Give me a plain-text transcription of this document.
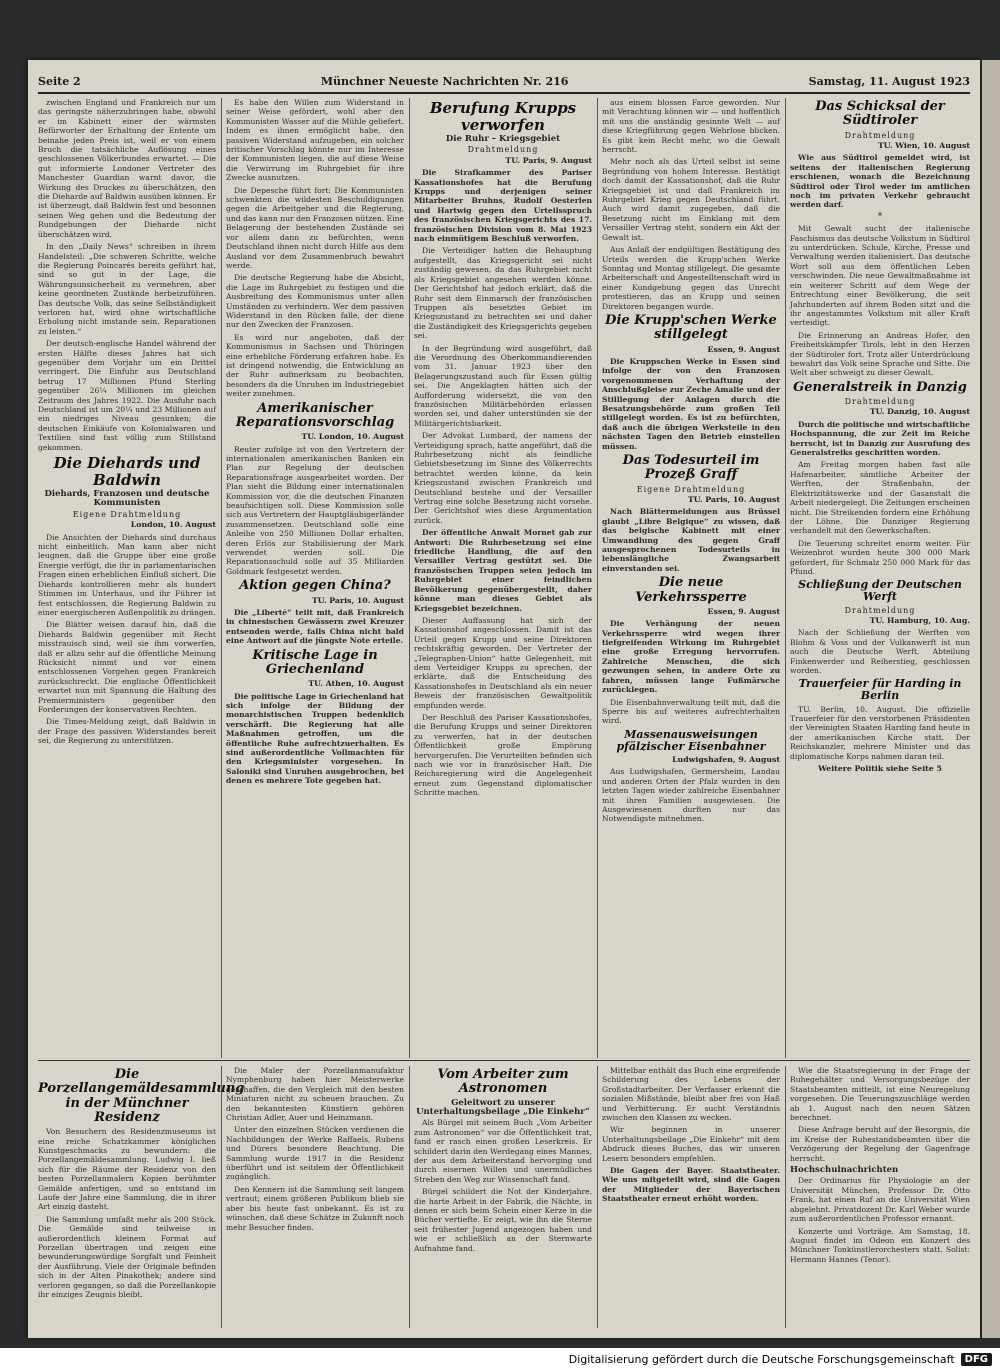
Seite 2	Münchner Neueste Nachrichten Nr. 216	Samstag, 11. August 1923

zwischen England und Frankreich nur um das geringste näherzubringen habe, obwohl er im Kabinett einer der wärmsten Befürworter der Erhaltung der Entente um beinahe jeden Preis ist, weil er von einem Bruch die tatsächliche Auflösung eines geschlossenen Völkerbundes erwartet. — Die gut informierte Londoner Vertreter des Manchester Guardian warnt davor, die Wirkung des Druckes zu überschätzen, den die Dieharde auf Baldwin ausüben können. Er ist überzeugt, daß Baldwin fest und besonnen seinen Weg gehen und die Bedeutung der Rundgebungen der Dieharde nicht überschätzen wird.

In den „Daily News“ schreiben in ihrem Handelsteil: „Die schweren Schritte, welche die Regierung Poincarés bereits geführt hat, sind so gut in der Lage, die Währungsunsicherheit zu vermehren, aber keine geordneten Zustände herbeizuführen. Das deutsche Volk, das seine Selbständigkeit verloren hat, wird ohne wirtschaftliche Erholung nicht imstande sein, Reparationen zu leisten.“

Der deutsch-englische Handel während der ersten Hälfte dieses Jahres hat sich gegenüber dem Vorjahr um ein Drittel verringert. Die Einfuhr aus Deutschland betrug 17 Millionen Pfund Sterling gegenüber 26¼ Millionen im gleichen Zeitraum des Jahres 1922. Die Ausfuhr nach Deutschland ist um 20¼ und 23 Millionen auf ein niedriges Niveau gesunken; die deutschen Einkäufe von Kolonialwaren und Textilien sind fast völlig zum Stillstand gekommen.

Die Diehards und Baldwin
Diehards, Franzosen und deutsche Kommunisten
Eigene Drahtmeldung
London, 10. August

Die Ansichten der Diehards sind durchaus nicht einheitlich. Man kann aber nicht leugnen, daß die Gruppe über eine große Energie verfügt, die ihr in parlamentarischen Fragen einen erheblichen Einfluß sichert. Die Diehards kontrollieren mehr als hundert Stimmen im Unterhaus, und ihr Führer ist fest entschlossen, die Regierung Baldwin zu einer energischeren Außenpolitik zu drängen.

Die Blätter weisen darauf hin, daß die Diehards Baldwin gegenüber mit Recht misstrauisch sind, weil sie ihm vorwerfen, daß er allzu sehr auf die öffentliche Meinung Rücksicht nimmt und vor einem entschlossenen Vorgehen gegen Frankreich zurückschreckt. Die englische Öffentlichkeit erwartet nun mit Spannung die Haltung des Premierministers gegenüber den Forderungen der konservativen Rechten.

Die Times-Meldung zeigt, daß Baldwin in der Frage des passiven Widerstandes bereit sei, die Regierung zu unterstützen.

Es habe den Willen zum Widerstand in seiner Weise gefördert, wohl aber den Kommunisten Wasser auf die Mühle geliefert. Indem es ihnen ermöglicht habe, den passiven Widerstand aufzugeben, ein solcher britischer Vorschlag könnte nur im Interesse der Kommunisten liegen, die auf diese Weise die Verwirrung im Ruhrgebiet für ihre Zwecke ausnutzen.

Die Depesche führt fort: Die Kommunisten schwenkten die wildesten Beschuldigungen gegen die Arbeitgeber und die Regierung, und das kann nur den Franzosen nützen. Eine Belagerung der bestehenden Zustände sei vor allem dann zu befürchten, wenn Deutschland ihnen nicht durch Hilfe aus dem Ausland vor dem Zusammenbruch bewahrt werde.

Die deutsche Regierung habe die Absicht, die Lage im Ruhrgebiet zu festigen und die Ausbreitung des Kommunismus unter allen Umständen zu verhindern. Wer dem passiven Widerstand in den Rücken falle, der diene nur den Zwecken der Franzosen.

Es wird nur angeboten, daß der Kommunismus in Sachsen und Thüringen eine erhebliche Förderung erfahren habe. Es ist dringend notwendig, die Entwicklung an der Ruhr aufmerksam zu beobachten, besonders da die Unruhen im Industriegebiet weiter zunehmen.

Amerikanischer Reparationsvorschlag
TU. London, 10. August

Reuter zufolge ist von den Vertretern der internationalen amerikanischen Banken ein Plan zur Regelung der deutschen Reparationsfrage ausgearbeitet worden. Der Plan sieht die Bildung einer internationalen Kommission vor, die die deutschen Finanzen beaufsichtigen soll. Diese Kommission solle sich aus Vertretern der Hauptgläubigerländer zusammensetzen. Deutschland solle eine Anleihe von 250 Millionen Dollar erhalten, deren Erlös zur Stabilisierung der Mark verwendet werden soll. Die Reparationsschuld solle auf 35 Milliarden Goldmark festgesetzt werden.

Aktion gegen China?
TU. Paris, 10. August

Die „Liberté“ teilt mit, daß Frankreich in chinesischen Gewässern zwei Kreuzer entsenden werde, falls China nicht bald eine Antwort auf die jüngste Note erteile.

Kritische Lage in Griechenland
TU. Athen, 10. August

Die politische Lage in Griechenland hat sich infolge der Bildung der monarchistischen Truppen bedenklich verschärft. Die Regierung hat alle Maßnahmen getroffen, um die öffentliche Ruhe aufrechtzuerhalten. Es sind außerordentliche Vollmachten für den Kriegsminister vorgesehen. In Saloniki sind Unruhen ausgebrochen, bei denen es mehrere Tote gegeben hat.

Berufung Krupps verworfen
Die Ruhr – Kriegsgebiet
Drahtmeldung
TU. Paris, 9. August

Die Strafkammer des Pariser Kassationshofes hat die Berufung Krupps und derjenigen seiner Mitarbeiter Bruhns, Rudolf Oesterlen und Hartwig gegen den Urteilsspruch des französischen Kriegsgerichts des 17. französischen Division vom 8. Mai 1923 nach einmütigem Beschluß verworfen.

Die Verteidiger hatten die Behauptung aufgestellt, das Kriegsgericht sei nicht zuständig gewesen, da das Ruhrgebiet nicht als Kriegsgebiet angesehen werden könne. Der Gerichtshof hat jedoch erklärt, daß die Ruhr seit dem Einmarsch der französischen Truppen als besetztes Gebiet im Kriegszustand zu betrachten sei und daher die Zuständigkeit des Kriegsgerichts gegeben sei.

In der Begründung wird ausgeführt, daß die Verordnung des Oberkommandierenden vom 31. Januar 1923 über den Belagerungszustand auch für Essen gültig sei. Die Angeklagten hätten sich der Aufforderung widersetzt, die von den französischen Militärbehörden erlassen worden sei, und daher unterstünden sie der Militärgerichtsbarkeit.

Der Advokat Lumbard, der namens der Verteidigung sprach, hatte angeführt, daß die Ruhrbesetzung nicht als feindliche Gebietsbesetzung im Sinne des Völkerrechts betrachtet werden könne, da kein Kriegszustand zwischen Frankreich und Deutschland bestehe und der Versailler Vertrag eine solche Besetzung nicht vorsehe. Der Gerichtshof wies diese Argumentation zurück.

Der öffentliche Anwalt Mornet gab zur Antwort: Die Ruhrbesetzung sei eine friedliche Handlung, die auf den Versailler Vertrag gestützt sei. Die französischen Truppen seien jedoch im Ruhrgebiet einer feindlichen Bevölkerung gegenübergestellt, daher könne man dieses Gebiet als Kriegsgebiet bezeichnen.

Dieser Auffassung hat sich der Kassationshof angeschlossen. Damit ist das Urteil gegen Krupp und seine Direktoren rechtskräftig geworden. Der Vertreter der „Telegraphen-Union“ hatte Gelegenheit, mit dem Verteidiger Krupps zu sprechen, der erklärte, daß die Entscheidung des Kassationshofes in Deutschland als ein neuer Beweis der französischen Gewaltpolitik empfunden werde.

Der Beschluß des Pariser Kassationshofes, die Berufung Krupps und seiner Direktoren zu verwerfen, hat in der deutschen Öffentlichkeit große Empörung hervorgerufen. Die Verurteilten befinden sich nach wie vor in französischer Haft. Die Reichsregierung wird die Angelegenheit erneut zum Gegenstand diplomatischer Schritte machen.

aus einem blossen Farce geworden. Nur mit Verachtung können wir — und hoffentlich mit uns die anständig gesinnte Welt — auf diese Kriegführung gegen Wehrlose blicken. Es gibt kein Recht mehr, wo die Gewalt herrscht.

Mehr noch als das Urteil selbst ist seine Begründung von hohem Interesse. Bestätigt doch damit der Kassationshof, daß die Ruhr Kriegsgebiet ist und daß Frankreich im Ruhrgebiet Krieg gegen Deutschland führt. Auch wird damit zugegeben, daß die Besetzung nicht im Einklang mit dem Versailler Vertrag steht, sondern ein Akt der Gewalt ist.

Aus Anlaß der endgültigen Bestätigung des Urteils werden die Krupp'schen Werke Sonntag und Montag stillgelegt. Die gesamte Arbeiterschaft und Angestelltenschaft wird in einer Kundgebung gegen das Unrecht protestieren, das an Krupp und seinen Direktoren begangen wurde.

Die Krupp'schen Werke stillgelegt
Essen, 9. August

Die Kruppschen Werke in Essen sind infolge der von den Franzosen vorgenommenen Verhaftung der Anschlußgleise zur Zeche Amalie und der Stilllegung der Anlagen durch die Besatzungsbehörde zum großen Teil stillgelegt worden. Es ist zu befürchten, daß auch die übrigen Werksteile in den nächsten Tagen den Betrieb einstellen müssen.

Das Todesurteil im Prozeß Graff
Eigene Drahtmeldung
TU. Paris, 10. August

Nach Blättermeldungen aus Brüssel glaubt „Libre Belgique“ zu wissen, daß das belgische Kabinett mit einer Umwandlung des gegen Graff ausgesprochenen Todesurteils in lebenslängliche Zwangsarbeit einverstanden sei.

Die neue Verkehrssperre
Essen, 9. August

Die Verhängung der neuen Verkehrssperre wird wegen ihrer tiefgreifenden Wirkung im Ruhrgebiet eine große Erregung hervorrufen. Zahlreiche Menschen, die sich gezwungen sehen, in andere Orte zu fahren, müssen lange Fußmärsche zurücklegen.

Die Eisenbahnverwaltung teilt mit, daß die Sperre bis auf weiteres aufrechterhalten wird.

Massenausweisungen pfälzischer Eisenbahner
Ludwigshafen, 9. August

Aus Ludwigshafen, Germersheim, Landau und anderen Orten der Pfalz wurden in den letzten Tagen wieder zahlreiche Eisenbahner mit ihren Familien ausgewiesen. Die Ausgewiesenen durften nur das Notwendigste mitnehmen.

Das Schicksal der Südtiroler
Drahtmeldung
TU. Wien, 10. August

Wie aus Südtirol gemeldet wird, ist seitens der italienischen Regierung erschienen, wonach die Bezeichnung Südtirol oder Tirol weder im amtlichen noch im privaten Verkehr gebraucht werden darf.

*

Mit Gewalt sucht der italienische Faschismus das deutsche Volkstum in Südtirol zu unterdrücken. Schule, Kirche, Presse und Verwaltung werden italienisiert. Das deutsche Wort soll aus dem öffentlichen Leben verschwinden. Die neue Gewaltmaßnahme ist ein weiterer Schritt auf dem Wege der Entrechtung einer Bevölkerung, die seit Jahrhunderten auf ihrem Boden sitzt und die ihr angestammtes Volkstum mit aller Kraft verteidigt.

Die Erinnerung an Andreas Hofer, den Freiheitskämpfer Tirols, lebt in den Herzen der Südtiroler fort. Trotz aller Unterdrückung bewahrt das Volk seine Sprache und Sitte. Die Welt aber schweigt zu dieser Gewalt.

Generalstreik in Danzig
Drahtmeldung
TU. Danzig, 10. August

Durch die politische und wirtschaftliche Hochspannung, die zur Zeit im Reiche herrscht, ist in Danzig zur Ausrufung des Generalstreiks geschritten worden.

Am Freitag morgen haben fast alle Hafenarbeiter, sämtliche Arbeiter der Werften, der Straßenbahn, der Elektrizitätswerke und der Gasanstalt die Arbeit niedergelegt. Die Zeitungen erscheinen nicht. Die Streikenden fordern eine Erhöhung der Löhne. Die Danziger Regierung verhandelt mit den Gewerkschaften.

Die Teuerung schreitet enorm weiter. Für Weizenbrot wurden heute 300 000 Mark gefordert, für Schmalz 250 000 Mark für das Pfund.

Schließung der Deutschen Werft
Drahtmeldung
TU. Hamburg, 10. Aug.

Nach der Schließung der Werften von Blohm & Voss und der Vulkanwerft ist nun auch die Deutsche Werft, Abteilung Finkenwerder und Reiherstieg, geschlossen worden.

Trauerfeier für Harding in Berlin

TU. Berlin, 10. August. Die offizielle Trauerfeier für den verstorbenen Präsidenten der Vereinigten Staaten Harding fand heute in der amerikanischen Kirche statt. Der Reichskanzler, mehrere Minister und das diplomatische Korps nahmen daran teil.

Weitere Politik siehe Seite 5
Die Porzellangemäldesammlung in der Münchner Residenz

Von Besuchern des Residenzmuseums ist eine reiche Schatzkammer königlichen Kunstgeschmacks zu bewundern: die Porzellangemäldesammlung. Ludwig I. ließ sich für die Räume der Residenz von den besten Porzellanmalern Kopien berühmter Gemälde anfertigen, und so entstand im Laufe der Jahre eine Sammlung, die in ihrer Art einzig dasteht.

Die Sammlung umfaßt mehr als 200 Stück. Die Gemälde sind teilweise in außerordentlich kleinem Format auf Porzellan übertragen und zeigen eine bewunderungswürdige Sorgfalt und Feinheit der Ausführung. Viele der Originale befinden sich in der Alten Pinakothek; andere sind verloren gegangen, so daß die Porzellankopie ihr einziges Zeugnis bleibt.

Die Maler der Porzellanmanufaktur Nymphenburg haben hier Meisterwerke geschaffen, die den Vergleich mit den besten Miniaturen nicht zu scheuen brauchen. Zu den bekanntesten Künstlern gehören Christian Adler, Auer und Heinzmann.

Unter den einzelnen Stücken verdienen die Nachbildungen der Werke Raffaels, Rubens und Dürers besondere Beachtung. Die Sammlung wurde 1917 in die Residenz überführt und ist seitdem der Öffentlichkeit zugänglich.

Den Kennern ist die Sammlung seit langem vertraut; einem größeren Publikum blieb sie aber bis heute fast unbekannt. Es ist zu wünschen, daß diese Schätze in Zukunft noch mehr Besucher finden.

Vom Arbeiter zum Astronomen
Geleitwort zu unserer Unterhaltungsbeilage „Die Einkehr“

Als Bürgel mit seinem Buch „Vom Arbeiter zum Astronomen“ vor die Öffentlichkeit trat, fand er rasch einen großen Leserkreis. Er schildert darin den Werdegang eines Mannes, der aus dem Arbeiterstand hervorging und durch eisernen Willen und unermüdliches Streben den Weg zur Wissenschaft fand.

Bürgel schildert die Not der Kinderjahre, die harte Arbeit in der Fabrik, die Nächte, in denen er sich beim Schein einer Kerze in die Bücher vertiefte. Er zeigt, wie ihn die Sterne seit frühester Jugend angezogen haben und wie er schließlich an der Sternwarte Aufnahme fand.

Mittelbar enthält das Buch eine ergreifende Schilderung des Lebens der Großstadtarbeiter. Der Verfasser erkennt die sozialen Mißstände, bleibt aber frei von Haß und Verbitterung. Er sucht Verständnis zwischen den Klassen zu wecken.

Wir beginnen in unserer Unterhaltungsbeilage „Die Einkehr“ mit dem Abdruck dieses Buches, das wir unseren Lesern besonders empfehlen.

Die Gagen der Bayer. Staatstheater. Wie uns mitgeteilt wird, sind die Gagen der Mitglieder der Bayerischen Staatstheater erneut erhöht worden.

Wie die Staatsregierung in der Frage der Ruhegehälter und Versorgungsbezüge der Staatsbeamten mitteilt, ist eine Neuregelung vorgesehen. Die Teuerungszuschläge werden ab 1. August nach den neuen Sätzen berechnet.

Diese Anfrage beruht auf der Besorgnis, die im Kreise der Ruhestandsbeamten über die Verzögerung der Regelung der Gagenfrage herrscht.

Hochschulnachrichten

Der Ordinarius für Physiologie an der Universität München, Professor Dr. Otto Frank, hat einen Ruf an die Universität Wien abgelehnt. Privatdozent Dr. Karl Weber wurde zum außerordentlichen Professor ernannt.

Konzerte und Vorträge. Am Samstag, 18. August findet im Odeon ein Konzert des Münchner Tonkünstlerorchesters statt. Solist: Hermann Hannes (Tenor).

Digitalisierung gefördert durch die Deutsche Forschungsgemeinschaft	DFG
